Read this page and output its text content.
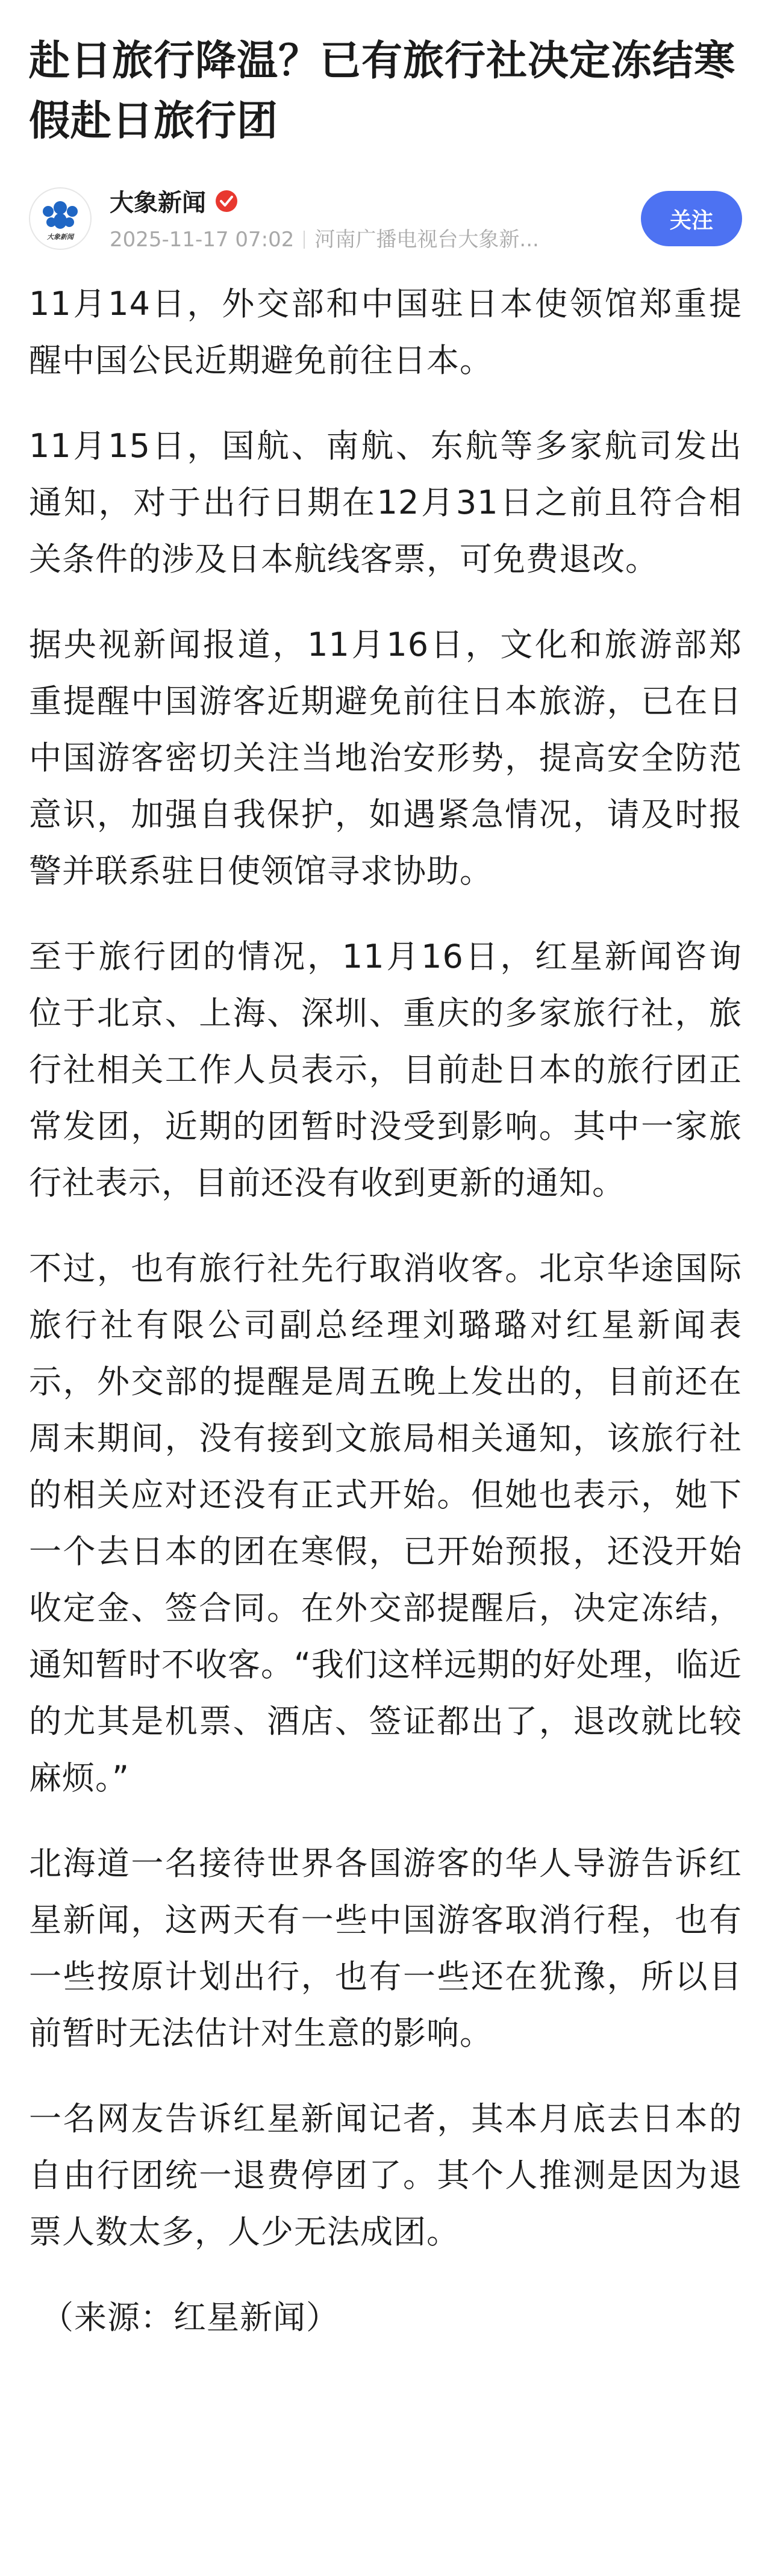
赴日旅行降温？已有旅行社决定冻结寒假赴日旅行团
大象新闻
大象新闻
2025-11-17 07:02 河南广播电视台大象新...
关注

11月14日，外交部和中国驻日本使领馆郑重提醒中国公民近期避免前往日本。

11月15日，国航、南航、东航等多家航司发出通知，对于出行日期在12月31日之前且符合相关条件的涉及日本航线客票，可免费退改。

据央视新闻报道，11月16日，文化和旅游部郑重提醒中国游客近期避免前往日本旅游，已在日中国游客密切关注当地治安形势，提高安全防范意识，加强自我保护，如遇紧急情况，请及时报警并联系驻日使领馆寻求协助。

至于旅行团的情况，11月16日，红星新闻咨询位于北京、上海、深圳、重庆的多家旅行社，旅行社相关工作人员表示，目前赴日本的旅行团正常发团，近期的团暂时没受到影响。其中一家旅行社表示，目前还没有收到更新的通知。

不过，也有旅行社先行取消收客。北京华途国际旅行社有限公司副总经理刘璐璐对红星新闻表示，外交部的提醒是周五晚上发出的，目前还在周末期间，没有接到文旅局相关通知，该旅行社的相关应对还没有正式开始。但她也表示，她下一个去日本的团在寒假，已开始预报，还没开始收定金、签合同。在外交部提醒后，决定冻结，通知暂时不收客。“我们这样远期的好处理，临近的尤其是机票、酒店、签证都出了，退改就比较麻烦。”

北海道一名接待世界各国游客的华人导游告诉红星新闻，这两天有一些中国游客取消行程，也有一些按原计划出行，也有一些还在犹豫，所以目前暂时无法估计对生意的影响。

一名网友告诉红星新闻记者，其本月底去日本的自由行团统一退费停团了。其个人推测是因为退票人数太多，人少无法成团。

（来源：红星新闻）
